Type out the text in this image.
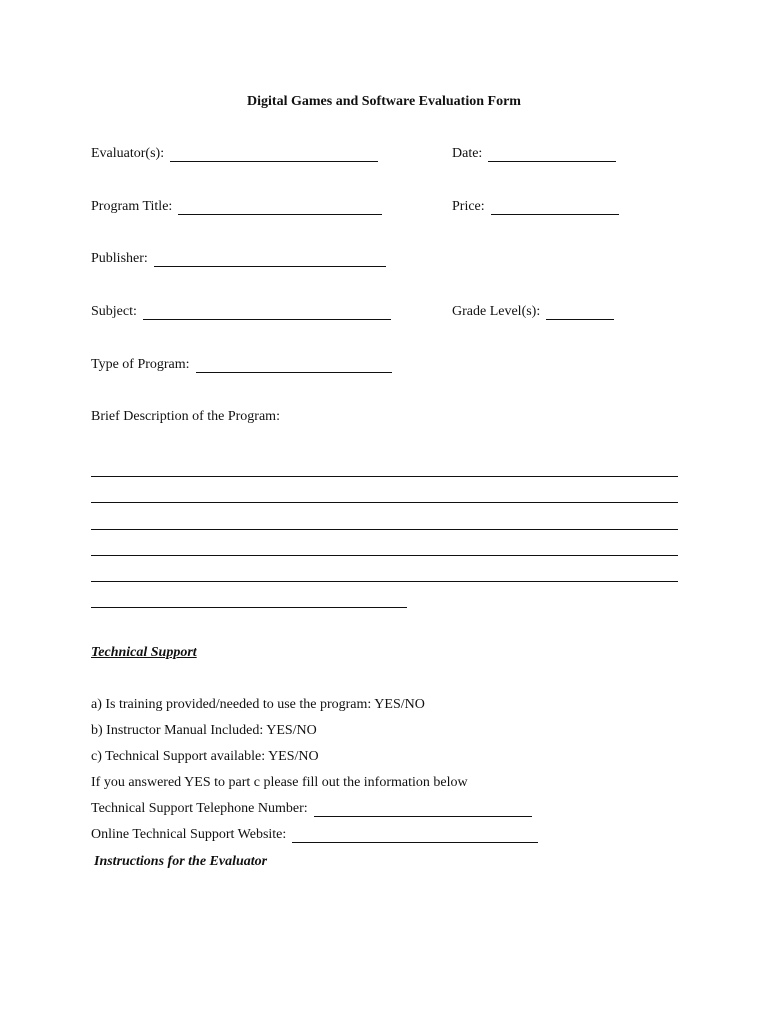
Digital Games and Software Evaluation Form
Evaluator(s):	Date:
Program Title:	Price:
Publisher:
Subject:	Grade Level(s):
Type of Program:
Brief Description of the Program:
Technical Support
a) Is training provided/needed to use the program: YES/NO
b) Instructor Manual Included: YES/NO
c) Technical Support available: YES/NO
If you answered YES to part c please fill out the information below
Technical Support Telephone Number:
Online Technical Support Website:
Instructions for the Evaluator
